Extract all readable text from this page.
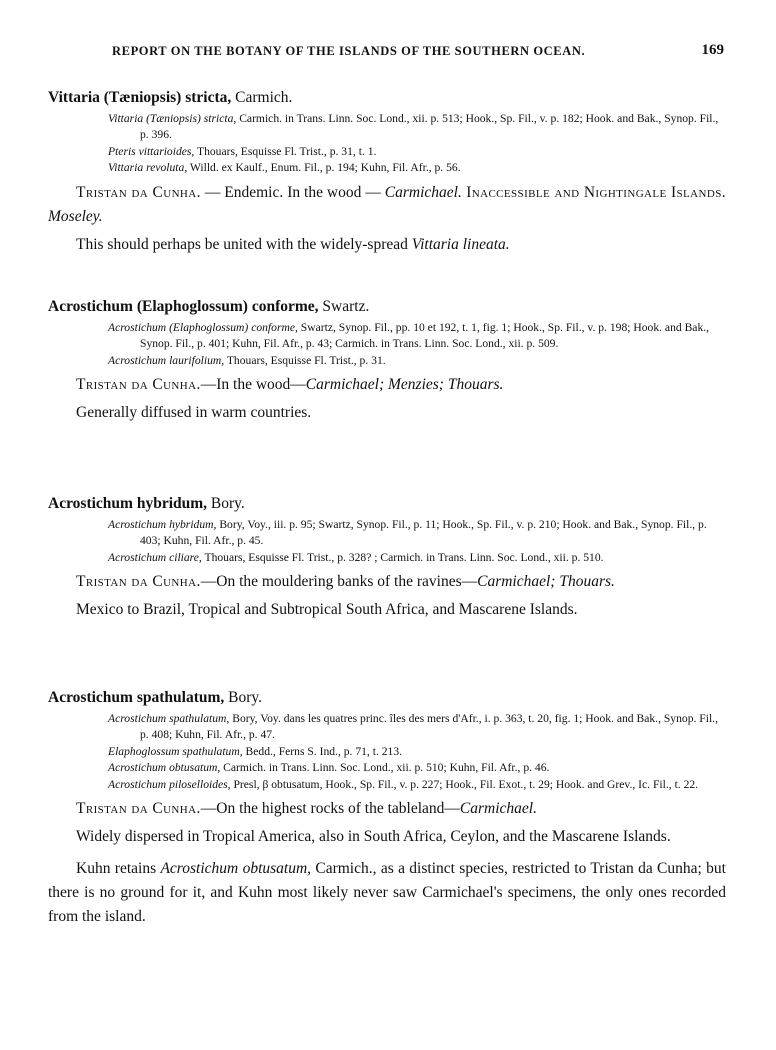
REPORT ON THE BOTANY OF THE ISLANDS OF THE SOUTHERN OCEAN.	169
Vittaria (Tæniopsis) stricta, Carmich.
Vittaria (Tæniopsis) stricta, Carmich. in Trans. Linn. Soc. Lond., xii. p. 513; Hook., Sp. Fil., v. p. 182; Hook. and Bak., Synop. Fil., p. 396.
Pteris vittarioides, Thouars, Esquisse Fl. Trist., p. 31, t. 1.
Vittaria revoluta, Willd. ex Kaulf., Enum. Fil., p. 194; Kuhn, Fil. Afr., p. 56.
Tristan da Cunha. — Endemic. In the wood — Carmichael. Inaccessible and Nightingale Islands. Moseley.
This should perhaps be united with the widely-spread Vittaria lineata.
Acrostichum (Elaphoglossum) conforme, Swartz.
Acrostichum (Elaphoglossum) conforme, Swartz, Synop. Fil., pp. 10 et 192, t. 1, fig. 1; Hook., Sp. Fil., v. p. 198; Hook. and Bak., Synop. Fil., p. 401; Kuhn, Fil. Afr., p. 43; Carmich. in Trans. Linn. Soc. Lond., xii. p. 509.
Acrostichum laurifolium, Thouars, Esquisse Fl. Trist., p. 31.
Tristan da Cunha.—In the wood—Carmichael; Menzies; Thouars.
Generally diffused in warm countries.
Acrostichum hybridum, Bory.
Acrostichum hybridum, Bory, Voy., iii. p. 95; Swartz, Synop. Fil., p. 11; Hook., Sp. Fil., v. p. 210; Hook. and Bak., Synop. Fil., p. 403; Kuhn, Fil. Afr., p. 45.
Acrostichum ciliare, Thouars, Esquisse Fl. Trist., p. 328? ; Carmich. in Trans. Linn. Soc. Lond., xii. p. 510.
Tristan da Cunha.—On the mouldering banks of the ravines—Carmichael; Thouars.
Mexico to Brazil, Tropical and Subtropical South Africa, and Mascarene Islands.
Acrostichum spathulatum, Bory.
Acrostichum spathulatum, Bory, Voy. dans les quatres princ. îles des mers d'Afr., i. p. 363, t. 20, fig. 1; Hook. and Bak., Synop. Fil., p. 408; Kuhn, Fil. Afr., p. 47.
Elaphoglossum spathulatum, Bedd., Ferns S. Ind., p. 71, t. 213.
Acrostichum obtusatum, Carmich. in Trans. Linn. Soc. Lond., xii. p. 510; Kuhn, Fil. Afr., p. 46.
Acrostichum piloselloides, Presl, β obtusatum, Hook., Sp. Fil., v. p. 227; Hook., Fil. Exot., t. 29; Hook. and Grev., Ic. Fil., t. 22.
Tristan da Cunha.—On the highest rocks of the tableland—Carmichael.
Widely dispersed in Tropical America, also in South Africa, Ceylon, and the Mascarene Islands.
Kuhn retains Acrostichum obtusatum, Carmich., as a distinct species, restricted to Tristan da Cunha; but there is no ground for it, and Kuhn most likely never saw Carmichael's specimens, the only ones recorded from the island.
